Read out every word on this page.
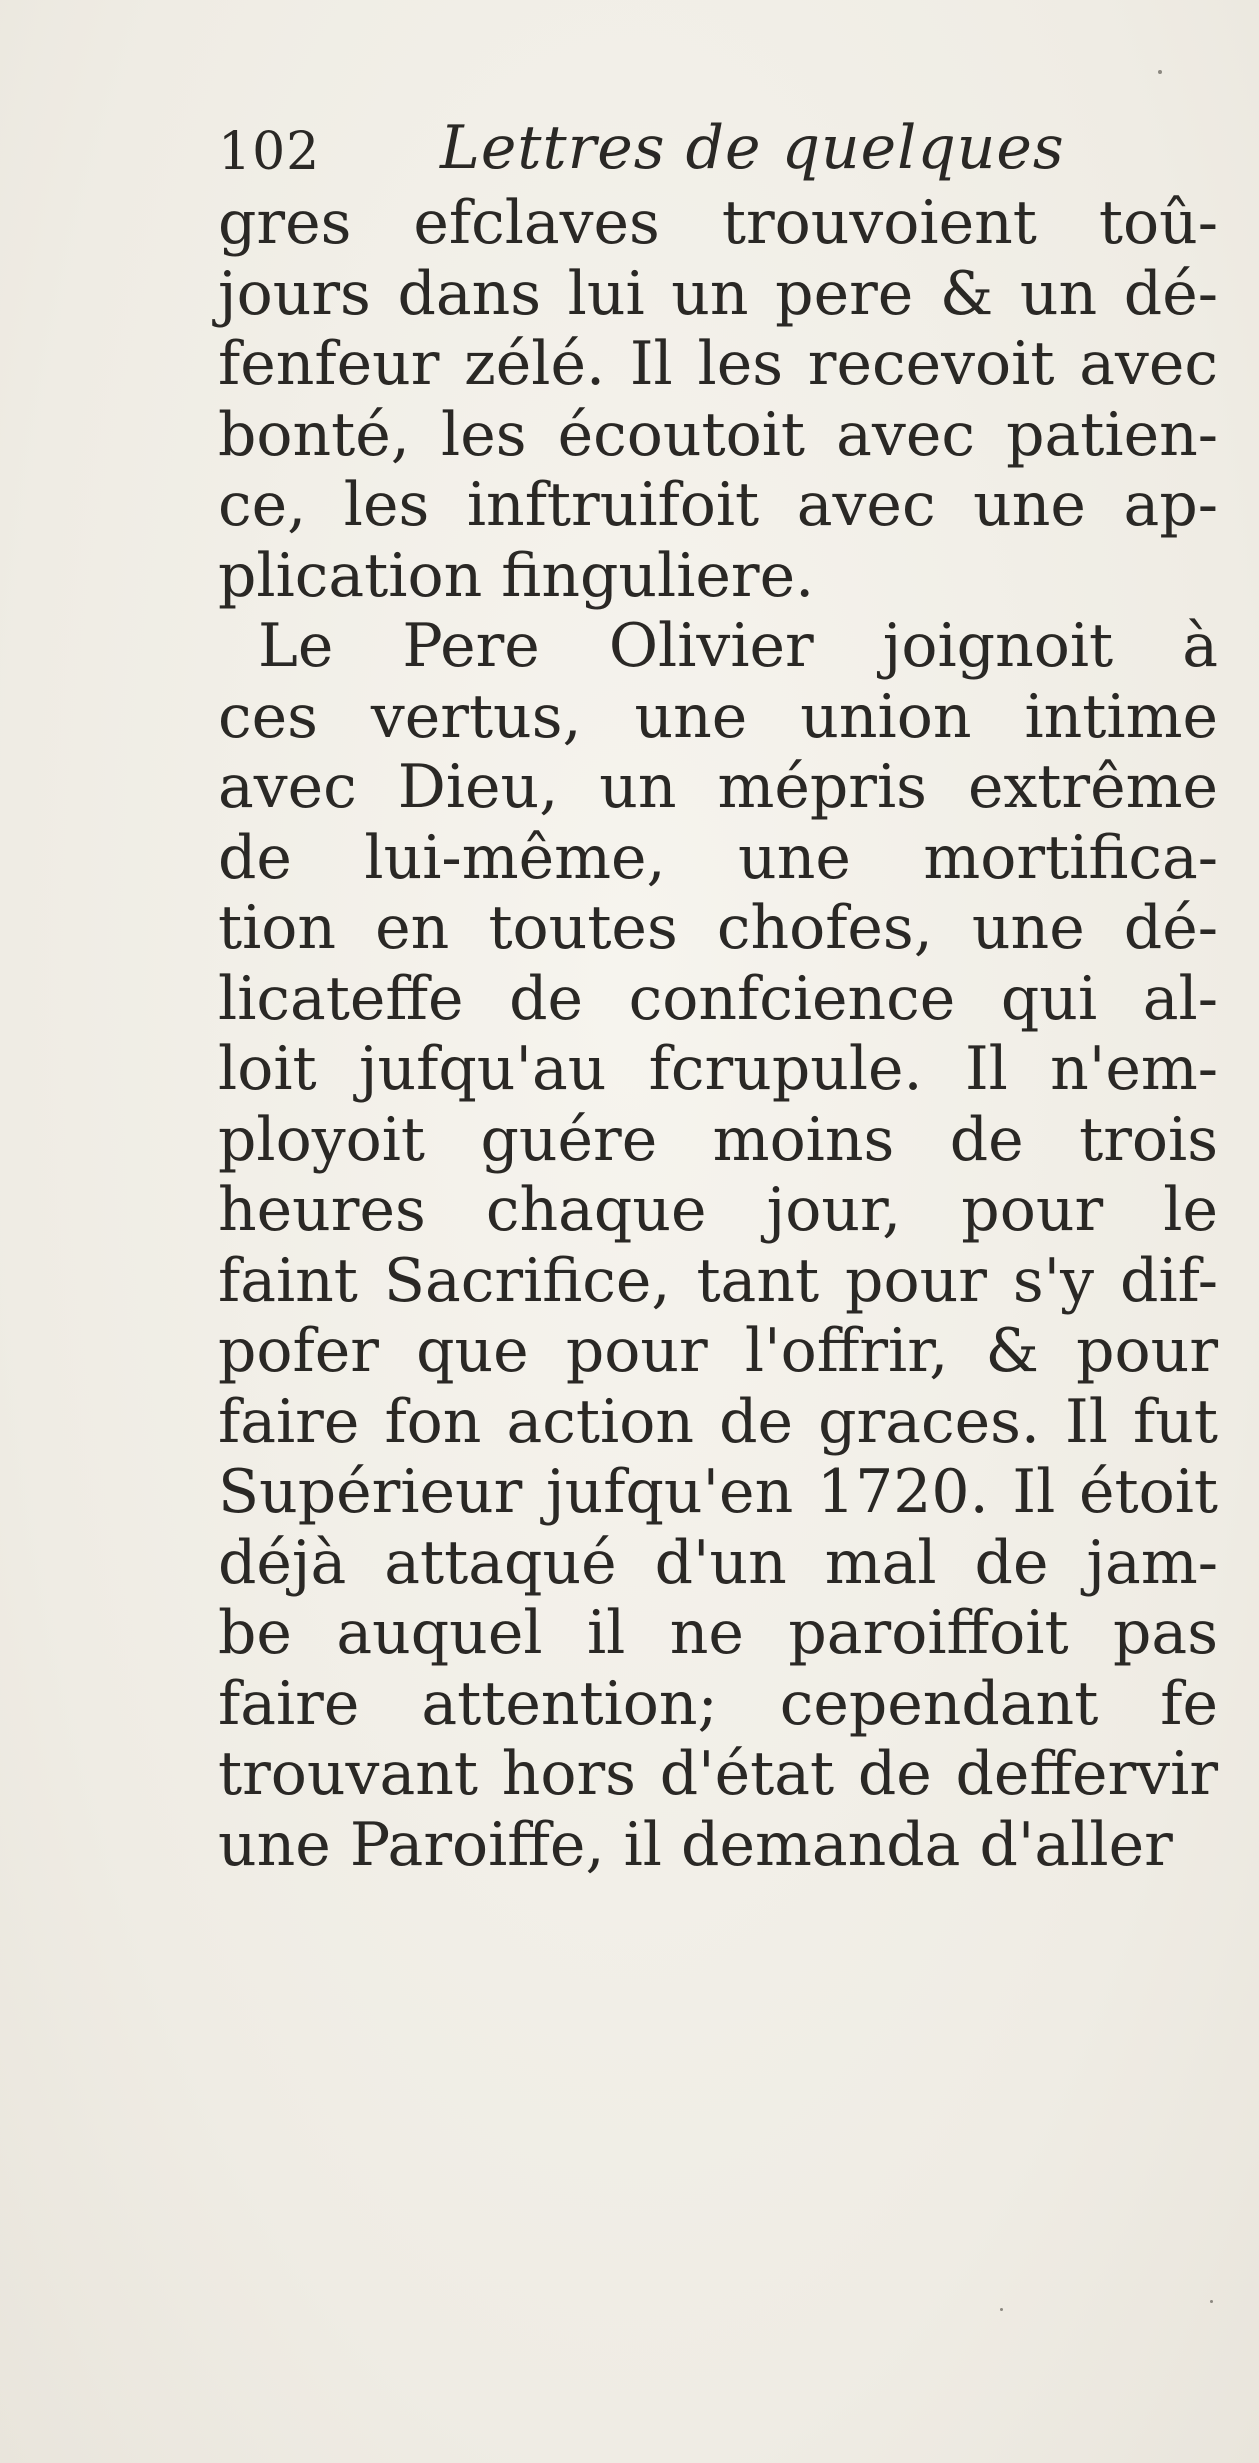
102 Lettres de quelques
gres efclaves trouvoient toû-
jours dans lui un pere & un dé-
fenfeur zélé. Il les recevoit avec
bonté, les écoutoit avec patien-
ce, les inftruifoit avec une ap-
plication finguliere.
Le Pere Olivier joignoit à
ces vertus, une union intime
avec Dieu, un mépris extrême
de lui-même, une mortifica-
tion en toutes chofes, une dé-
licateffe de confcience qui al-
loit jufqu'au fcrupule. Il n'em-
ployoit guére moins de trois
heures chaque jour, pour le
faint Sacrifice, tant pour s'y dif-
pofer que pour l'offrir, & pour
faire fon action de graces. Il fut
Supérieur jufqu'en 1720. Il étoit
déjà attaqué d'un mal de jam-
be auquel il ne paroiffoit pas
faire attention; cependant fe
trouvant hors d'état de deffervir
une Paroiffe, il demanda d'aller
